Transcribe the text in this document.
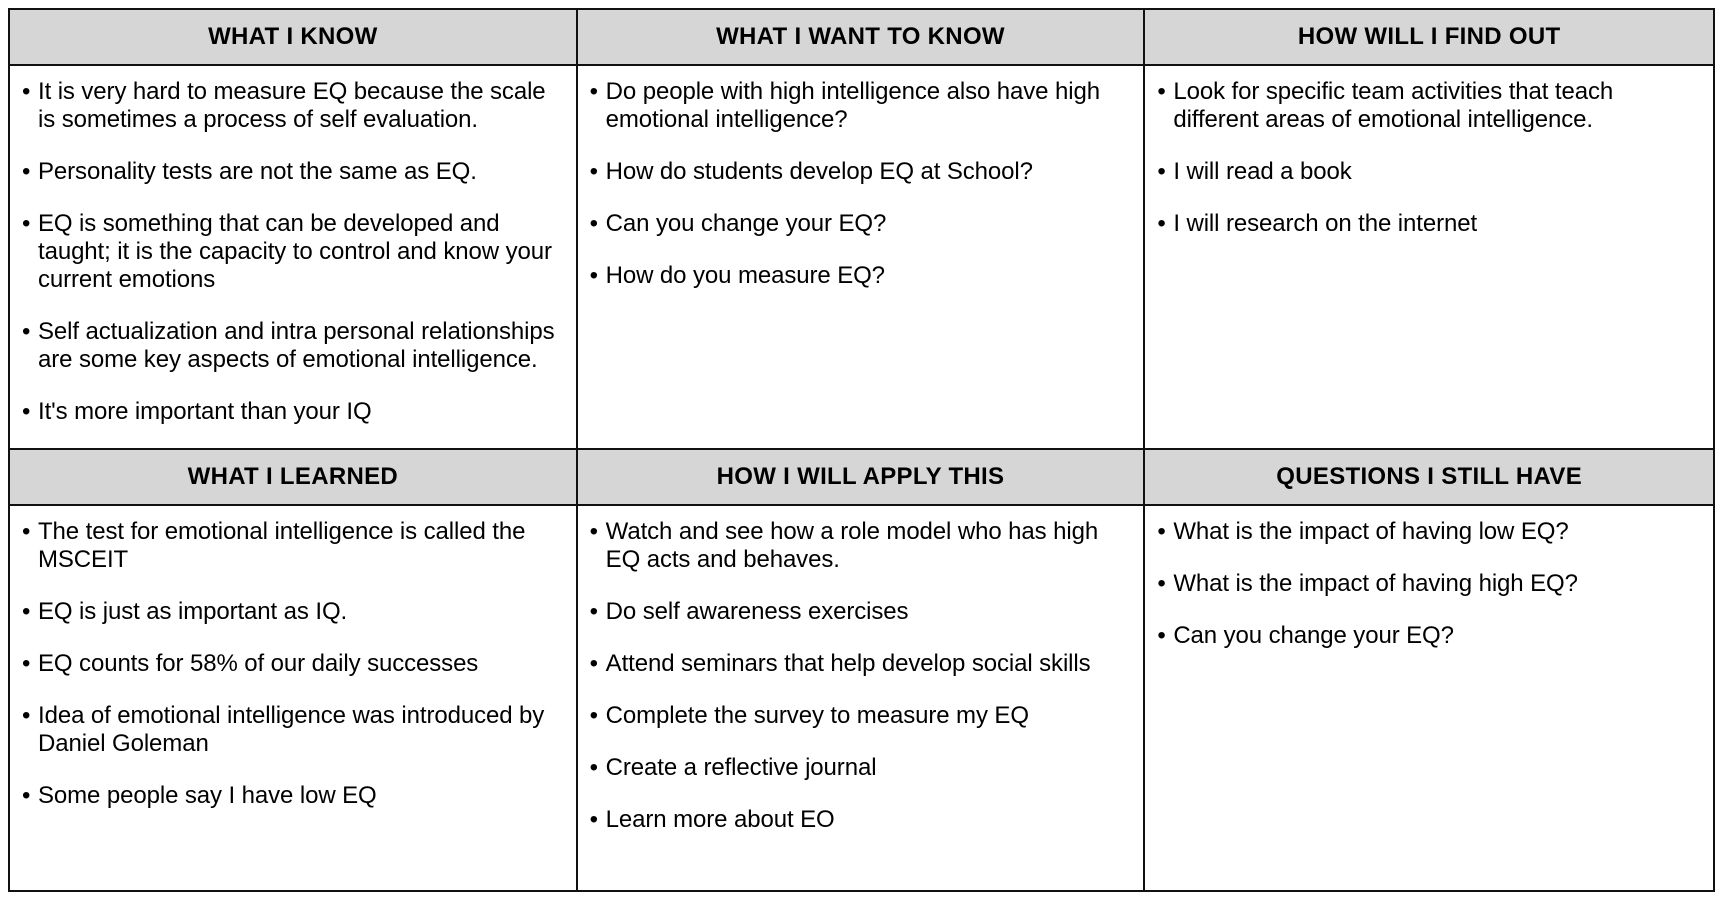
WHAT I KNOW
• It is very hard to measure EQ because the scale is sometimes a process of self evaluation.
• Personality tests are not the same as EQ.
• EQ is something that can be developed and taught; it is the capacity to control and know your current emotions
• Self actualization and intra personal relationships are some key aspects of emotional intelligence.
• It's more important than your IQ
WHAT I WANT TO KNOW
• Do people with high intelligence also have high emotional intelligence?
• How do students develop EQ at School?
• Can you change your EQ?
• How do you measure EQ?
HOW WILL I FIND OUT
• Look for specific team activities that teach different areas of emotional intelligence.
• I will read a book
• I will research on the internet
WHAT I LEARNED
• The test for emotional intelligence is called the MSCEIT
• EQ is just as important as IQ.
• EQ counts for 58% of our daily successes
• Idea of emotional intelligence was introduced by Daniel Goleman
• Some people say I have low EQ
HOW I WILL APPLY THIS
• Watch and see how a role model who has high EQ acts and behaves.
• Do self awareness exercises
• Attend seminars that help develop social skills
• Complete the survey to measure my EQ
• Create a reflective journal
• Learn more about EO
QUESTIONS I STILL HAVE
• What is the impact of having low EQ?
• What is the impact of having high EQ?
• Can you change your EQ?
